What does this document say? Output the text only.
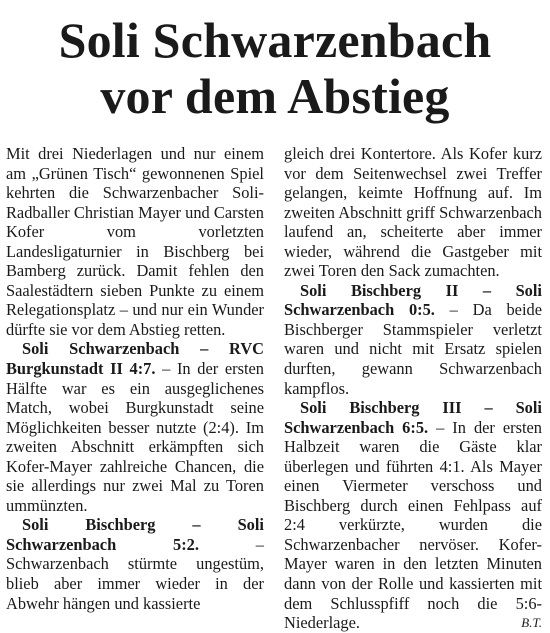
Soli Schwarzenbach
vor dem Abstieg

Mit drei Niederlagen und nur einem am „Grünen Tisch“ gewonnenen Spiel kehrten die Schwarzenbacher Soli-Radballer Christian Mayer und Carsten Kofer vom vorletzten Landesligaturnier in Bischberg bei Bamberg zurück. Damit fehlen den Saalestädtern sieben Punkte zu einem Relegationsplatz – und nur ein Wunder dürfte sie vor dem Abstieg retten.

Soli Schwarzenbach – RVC Burgkunstadt II 4:7. – In der ersten Hälfte war es ein ausgeglichenes Match, wobei Burgkunstadt seine Möglichkeiten besser nutzte (2:4). Im zweiten Abschnitt erkämpften sich Kofer-Mayer zahlreiche Chancen, die sie allerdings nur zwei Mal zu Toren ummünzten.

Soli Bischberg – Soli Schwarzenbach 5:2. – Schwarzenbach stürmte ungestüm, blieb aber immer wieder in der Abwehr hängen und kassierte

gleich drei Kontertore. Als Kofer kurz vor dem Seitenwechsel zwei Treffer gelangen, keimte Hoffnung auf. Im zweiten Abschnitt griff Schwarzenbach laufend an, scheiterte aber immer wieder, während die Gastgeber mit zwei Toren den Sack zumachten.

Soli Bischberg II – Soli Schwarzenbach 0:5. – Da beide Bischberger Stammspieler verletzt waren und nicht mit Ersatz spielen durften, gewann Schwarzenbach kampflos.

Soli Bischberg III – Soli Schwarzenbach 6:5. – In der ersten Halbzeit waren die Gäste klar überlegen und führten 4:1. Als Mayer einen Viermeter verschoss und Bischberg durch einen Fehlpass auf 2:4 verkürzte, wurden die Schwarzenbacher nervöser. Kofer-Mayer waren in den letzten Minuten dann von der Rolle und kassierten mit dem Schlusspfiff noch die 5:6-Niederlage.	B.T.
